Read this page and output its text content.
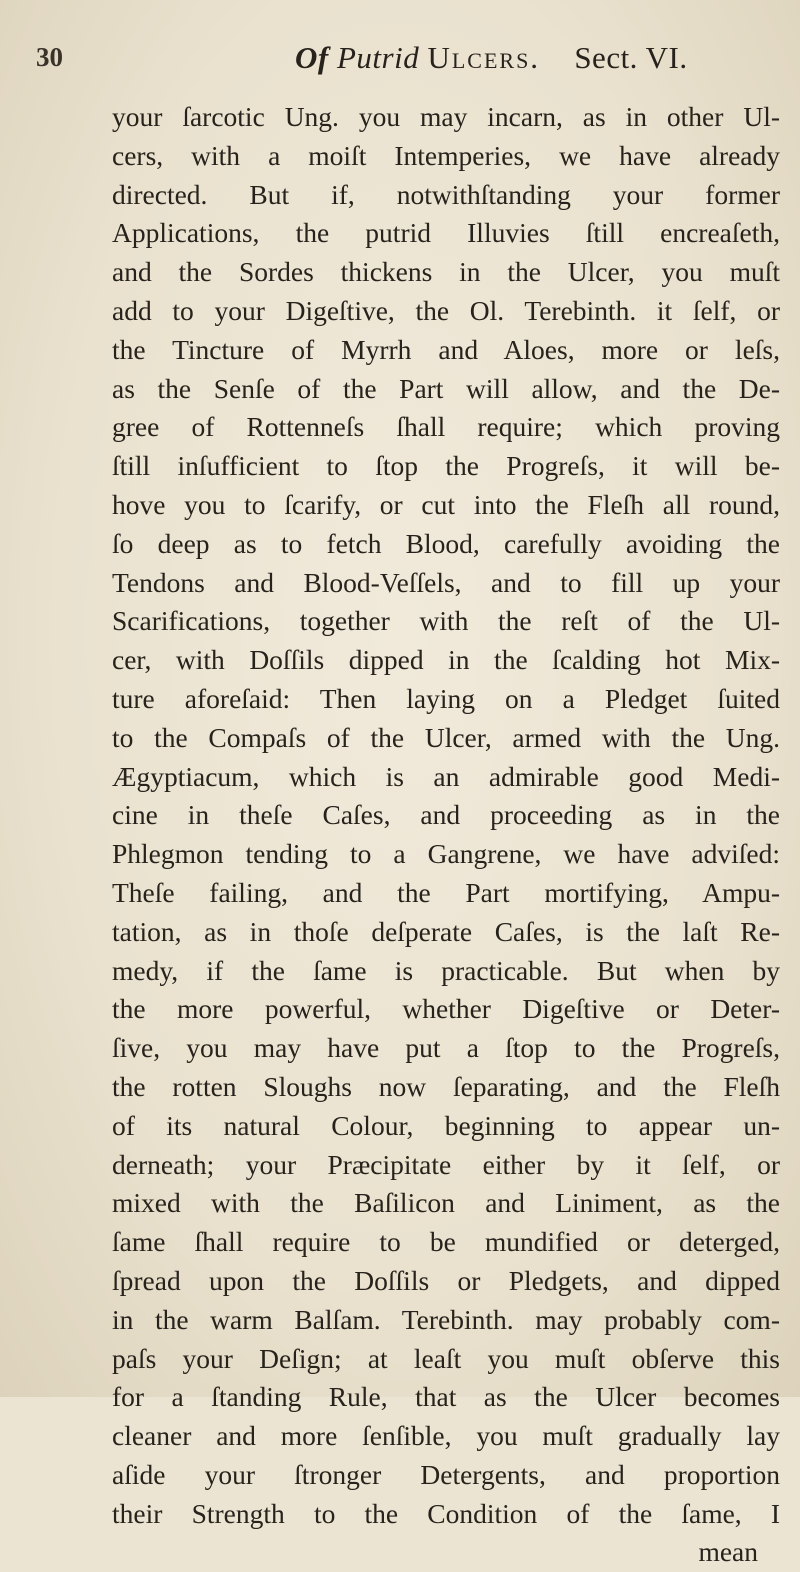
30	Of Putrid Ulcers. Sect. VI.
your ſarcotic Ung. you may incarn, as in other Ul-
cers, with a moiſt Intemperies, we have already
directed. But if, notwithſtanding your former
Applications, the putrid Illuvies ſtill encreaſeth,
and the Sordes thickens in the Ulcer, you muſt
add to your Digeſtive, the Ol. Terebinth. it ſelf, or
the Tincture of Myrrh and Aloes, more or leſs,
as the Senſe of the Part will allow, and the De-
gree of Rottenneſs ſhall require; which proving
ſtill inſufficient to ſtop the Progreſs, it will be-
hove you to ſcarify, or cut into the Fleſh all round,
ſo deep as to fetch Blood, carefully avoiding the
Tendons and Blood-Veſſels, and to fill up your
Scarifications, together with the reſt of the Ul-
cer, with Doſſils dipped in the ſcalding hot Mix-
ture aforeſaid: Then laying on a Pledget ſuited
to the Compaſs of the Ulcer, armed with the Ung.
Ægyptiacum, which is an admirable good Medi-
cine in theſe Caſes, and proceeding as in the
Phlegmon tending to a Gangrene, we have adviſed:
Theſe failing, and the Part mortifying, Ampu-
tation, as in thoſe deſperate Caſes, is the laſt Re-
medy, if the ſame is practicable. But when by
the more powerful, whether Digeſtive or Deter-
ſive, you may have put a ſtop to the Progreſs,
the rotten Sloughs now ſeparating, and the Fleſh
of its natural Colour, beginning to appear un-
derneath; your Præcipitate either by it ſelf, or
mixed with the Baſilicon and Liniment, as the
ſame ſhall require to be mundified or deterged,
ſpread upon the Doſſils or Pledgets, and dipped
in the warm Balſam. Terebinth. may probably com-
paſs your Deſign; at leaſt you muſt obſerve this
for a ſtanding Rule, that as the Ulcer becomes
cleaner and more ſenſible, you muſt gradually lay
aſide your ſtronger Detergents, and proportion
their Strength to the Condition of the ſame, I
mean
